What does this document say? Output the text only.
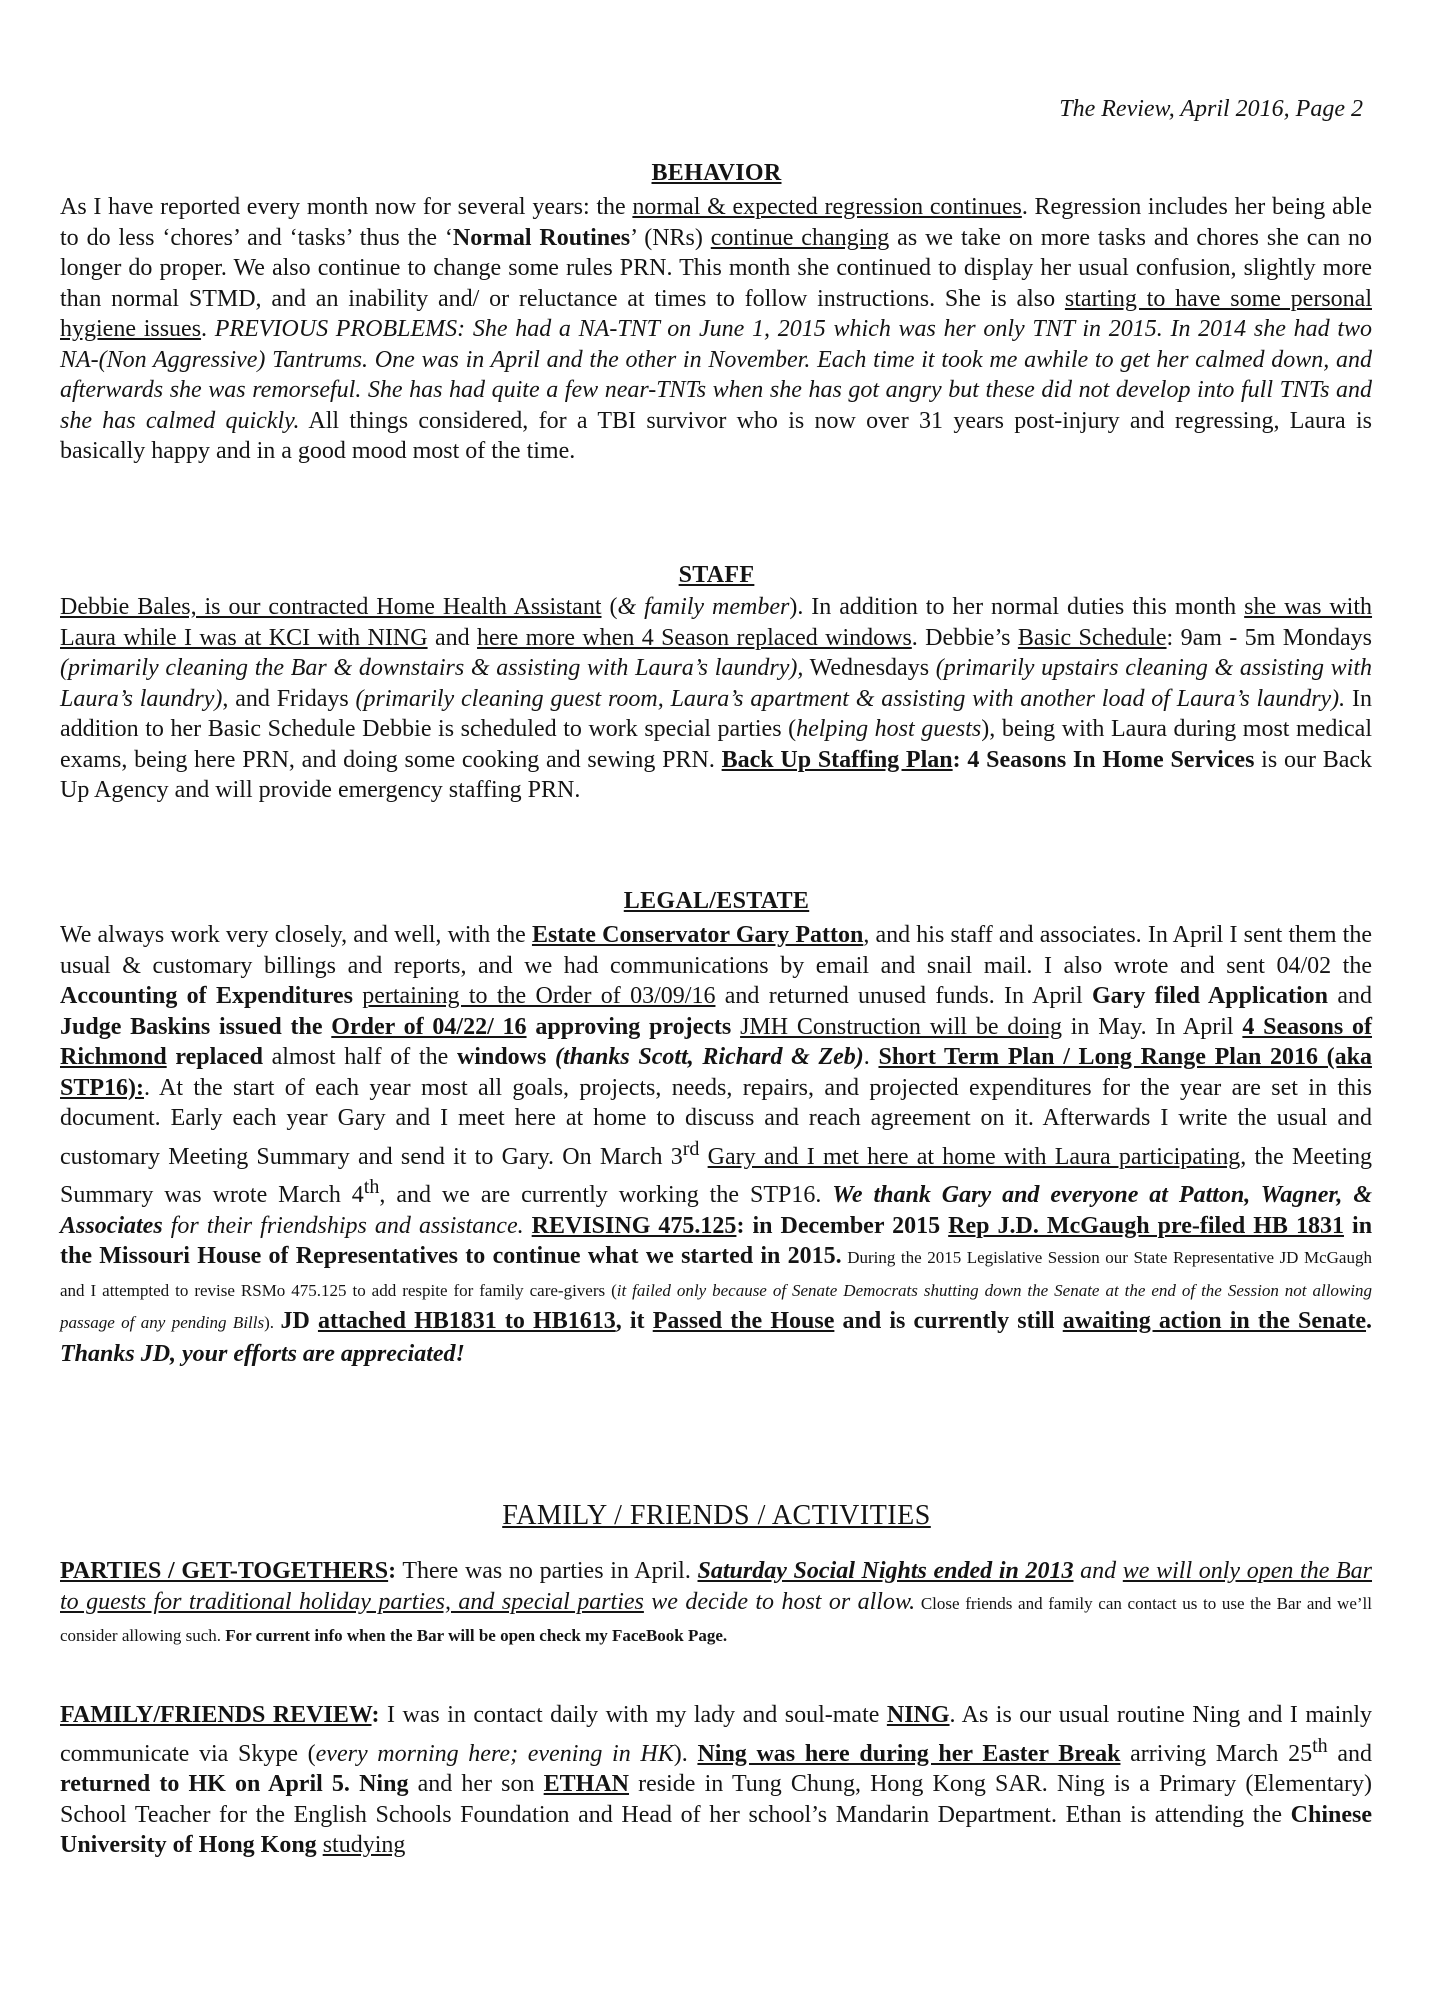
The Review, April 2016, Page 2
BEHAVIOR

As I have reported every month now for several years: the normal & expected regression continues. Regression includes her being able to do less ‘chores’ and ‘tasks’ thus the ‘Normal Routines’ (NRs) continue changing as we take on more tasks and chores she can no longer do proper. We also continue to change some rules PRN. This month she continued to display her usual confusion, slightly more than normal STMD, and an inability and/ or reluctance at times to follow instructions. She is also starting to have some personal hygiene issues. PREVIOUS PROBLEMS: She had a NA-TNT on June 1, 2015 which was her only TNT in 2015. In 2014 she had two NA-(Non Aggressive) Tantrums. One was in April and the other in November. Each time it took me awhile to get her calmed down, and afterwards she was remorseful. She has had quite a few near-TNTs when she has got angry but these did not develop into full TNTs and she has calmed quickly. All things considered, for a TBI survivor who is now over 31 years post-injury and regressing, Laura is basically happy and in a good mood most of the time.

STAFF

Debbie Bales, is our contracted Home Health Assistant (& family member). In addition to her normal duties this month she was with Laura while I was at KCI with NING and here more when 4 Season replaced windows. Debbie’s Basic Schedule: 9am - 5m Mondays (primarily cleaning the Bar & downstairs & assisting with Laura’s laundry), Wednesdays (primarily upstairs cleaning & assisting with Laura’s laundry), and Fridays (primarily cleaning guest room, Laura’s apartment & assisting with another load of Laura’s laundry). In addition to her Basic Schedule Debbie is scheduled to work special parties (helping host guests), being with Laura during most medical exams, being here PRN, and doing some cooking and sewing PRN. Back Up Staffing Plan: 4 Seasons In Home Services is our Back Up Agency and will provide emergency staffing PRN.

LEGAL/ESTATE

We always work very closely, and well, with the Estate Conservator Gary Patton, and his staff and associates. In April I sent them the usual & customary billings and reports, and we had communications by email and snail mail. I also wrote and sent 04/02 the Accounting of Expenditures pertaining to the Order of 03/09/16 and returned unused funds. In April Gary filed Application and Judge Baskins issued the Order of 04/22/ 16 approving projects JMH Construction will be doing in May. In April 4 Seasons of Richmond replaced almost half of the windows (thanks Scott, Richard & Zeb). Short Term Plan / Long Range Plan 2016 (aka STP16):. At the start of each year most all goals, projects, needs, repairs, and projected expenditures for the year are set in this document. Early each year Gary and I meet here at home to discuss and reach agreement on it. Afterwards I write the usual and customary Meeting Summary and send it to Gary. On March 3rd Gary and I met here at home with Laura participating, the Meeting Summary was wrote March 4th, and we are currently working the STP16. We thank Gary and everyone at Patton, Wagner, & Associates for their friendships and assistance. REVISING 475.125: in December 2015 Rep J.D. McGaugh pre-filed HB 1831 in the Missouri House of Representatives to continue what we started in 2015. During the 2015 Legislative Session our State Representative JD McGaugh and I attempted to revise RSMo 475.125 to add respite for family care-givers (it failed only because of Senate Democrats shutting down the Senate at the end of the Session not allowing passage of any pending Bills). JD attached HB1831 to HB1613, it Passed the House and is currently still awaiting action in the Senate. Thanks JD, your efforts are appreciated!

FAMILY / FRIENDS / ACTIVITIES

PARTIES / GET-TOGETHERS: There was no parties in April. Saturday Social Nights ended in 2013 and we will only open the Bar to guests for traditional holiday parties, and special parties we decide to host or allow. Close friends and family can contact us to use the Bar and we’ll consider allowing such. For current info when the Bar will be open check my FaceBook Page.

FAMILY/FRIENDS REVIEW: I was in contact daily with my lady and soul-mate NING. As is our usual routine Ning and I mainly communicate via Skype (every morning here; evening in HK). Ning was here during her Easter Break arriving March 25th and returned to HK on April 5. Ning and her son ETHAN reside in Tung Chung, Hong Kong SAR. Ning is a Primary (Elementary) School Teacher for the English Schools Foundation and Head of her school’s Mandarin Department. Ethan is attending the Chinese University of Hong Kong studying
